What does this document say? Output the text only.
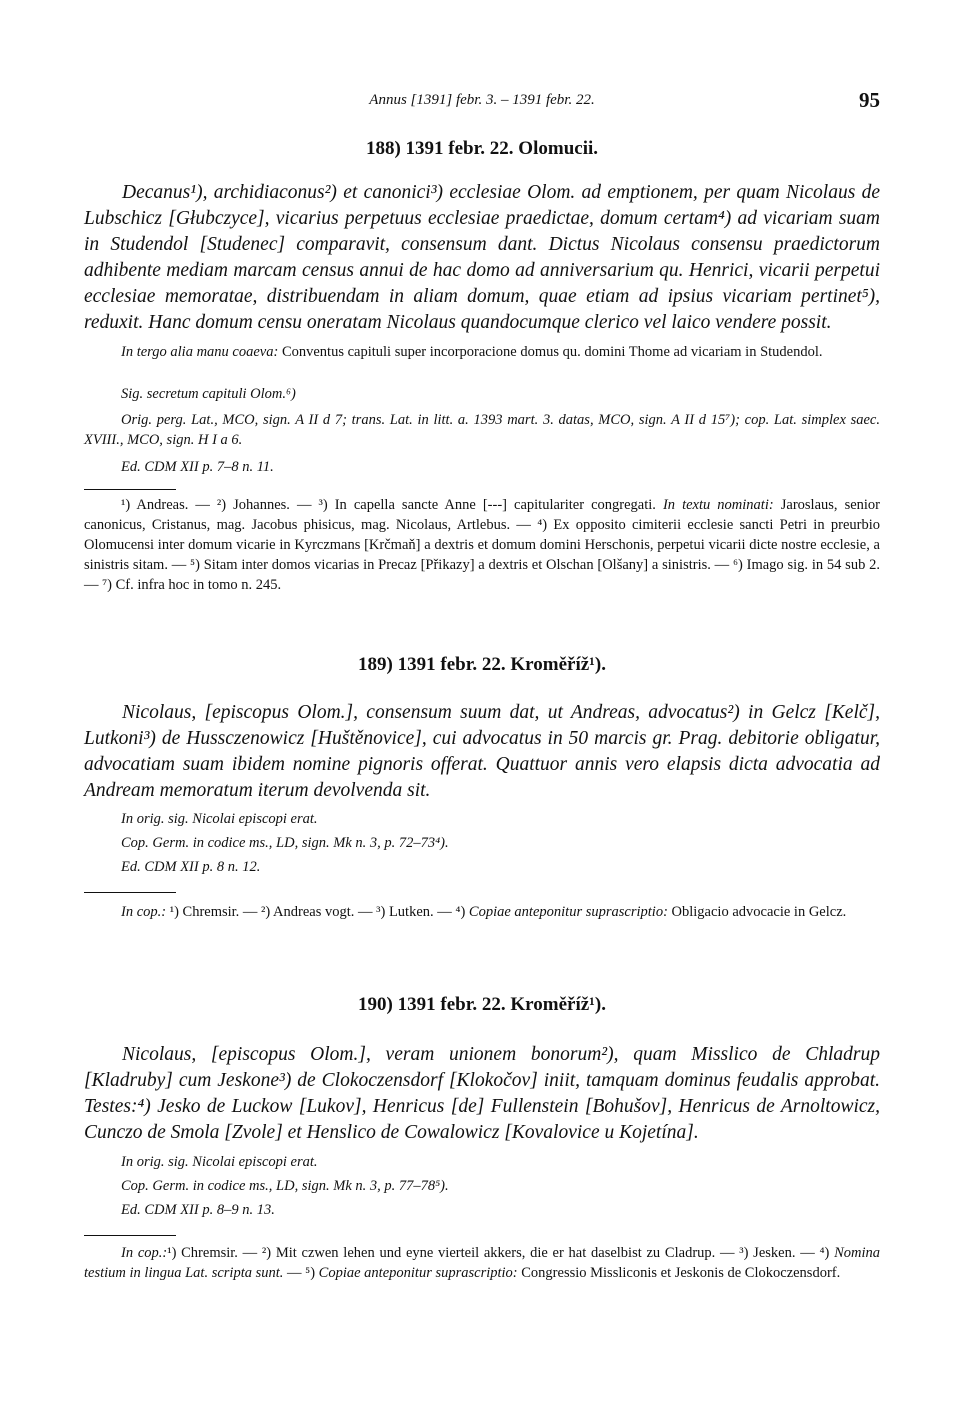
Annus [1391] febr. 3. – 1391 febr. 22.	95
188) 1391 febr. 22. Olomucii.

Decanus¹), archidiaconus²) et canonici³) ecclesiae Olom. ad emptionem, per quam Nicolaus de Lubschicz [Głubczyce], vicarius perpetuus ecclesiae praedictae, domum certam⁴) ad vicariam suam in Studendol [Studenec] comparavit, consensum dant. Dictus Nicolaus consensu praedictorum adhibente mediam marcam census annui de hac domo ad anniversarium qu. Henrici, vicarii perpetui ecclesiae memoratae, distribuendam in aliam domum, quae etiam ad ipsius vicariam pertinet⁵), reduxit. Hanc domum censu oneratam Nicolaus quandocumque clerico vel laico vendere possit.

In tergo alia manu coaeva: Conventus capituli super incorporacione domus qu. domini Thome ad vicariam in Studendol.

Sig. secretum capituli Olom.⁶)

Orig. perg. Lat., MCO, sign. A II d 7; trans. Lat. in litt. a. 1393 mart. 3. datas, MCO, sign. A II d 15⁷); cop. Lat. simplex saec. XVIII., MCO, sign. H I a 6.

Ed. CDM XII p. 7–8 n. 11.

¹) Andreas. — ²) Johannes. — ³) In capella sancte Anne [---] capitulariter congregati. In textu nominati: Jaroslaus, senior canonicus, Cristanus, mag. Jacobus phisicus, mag. Nicolaus, Artlebus. — ⁴) Ex opposito cimiterii ecclesie sancti Petri in preurbio Olomucensi inter domum vicarie in Kyrczmans [Krčmaň] a dextris et domum domini Herschonis, perpetui vicarii dicte nostre ecclesie, a sinistris sitam. — ⁵) Sitam inter domos vicarias in Precaz [Přikazy] a dextris et Olschan [Olšany] a sinistris. — ⁶) Imago sig. in 54 sub 2. — ⁷) Cf. infra hoc in tomo n. 245.

189) 1391 febr. 22. Kroměříž¹).

Nicolaus, [episcopus Olom.], consensum suum dat, ut Andreas, advocatus²) in Gelcz [Kelč], Lutkoni³) de Hussczenowicz [Huštěnovice], cui advocatus in 50 marcis gr. Prag. debitorie obligatur, advocatiam suam ibidem nomine pignoris offerat. Quattuor annis vero elapsis dicta advocatia ad Andream memoratum iterum devolvenda sit.

In orig. sig. Nicolai episcopi erat.

Cop. Germ. in codice ms., LD, sign. Mk n. 3, p. 72–73⁴).

Ed. CDM XII p. 8 n. 12.

In cop.: ¹) Chremsir. — ²) Andreas vogt. — ³) Lutken. — ⁴) Copiae anteponitur suprascriptio: Obligacio advocacie in Gelcz.

190) 1391 febr. 22. Kroměříž¹).

Nicolaus, [episcopus Olom.], veram unionem bonorum²), quam Misslico de Chladrup [Kladruby] cum Jeskone³) de Clokoczensdorf [Klokočov] iniit, tamquam dominus feudalis approbat. Testes:⁴) Jesko de Luckow [Lukov], Henricus [de] Fullenstein [Bohušov], Henricus de Arnoltowicz, Cunczo de Smola [Zvole] et Henslico de Cowalowicz [Kovalovice u Kojetína].

In orig. sig. Nicolai episcopi erat.

Cop. Germ. in codice ms., LD, sign. Mk n. 3, p. 77–78⁵).

Ed. CDM XII p. 8–9 n. 13.

In cop.:¹) Chremsir. — ²) Mit czwen lehen und eyne vierteil akkers, die er hat daselbist zu Cladrup. — ³) Jesken. — ⁴) Nomina testium in lingua Lat. scripta sunt. — ⁵) Copiae anteponitur suprascriptio: Congressio Missliconis et Jeskonis de Clokoczensdorf.
